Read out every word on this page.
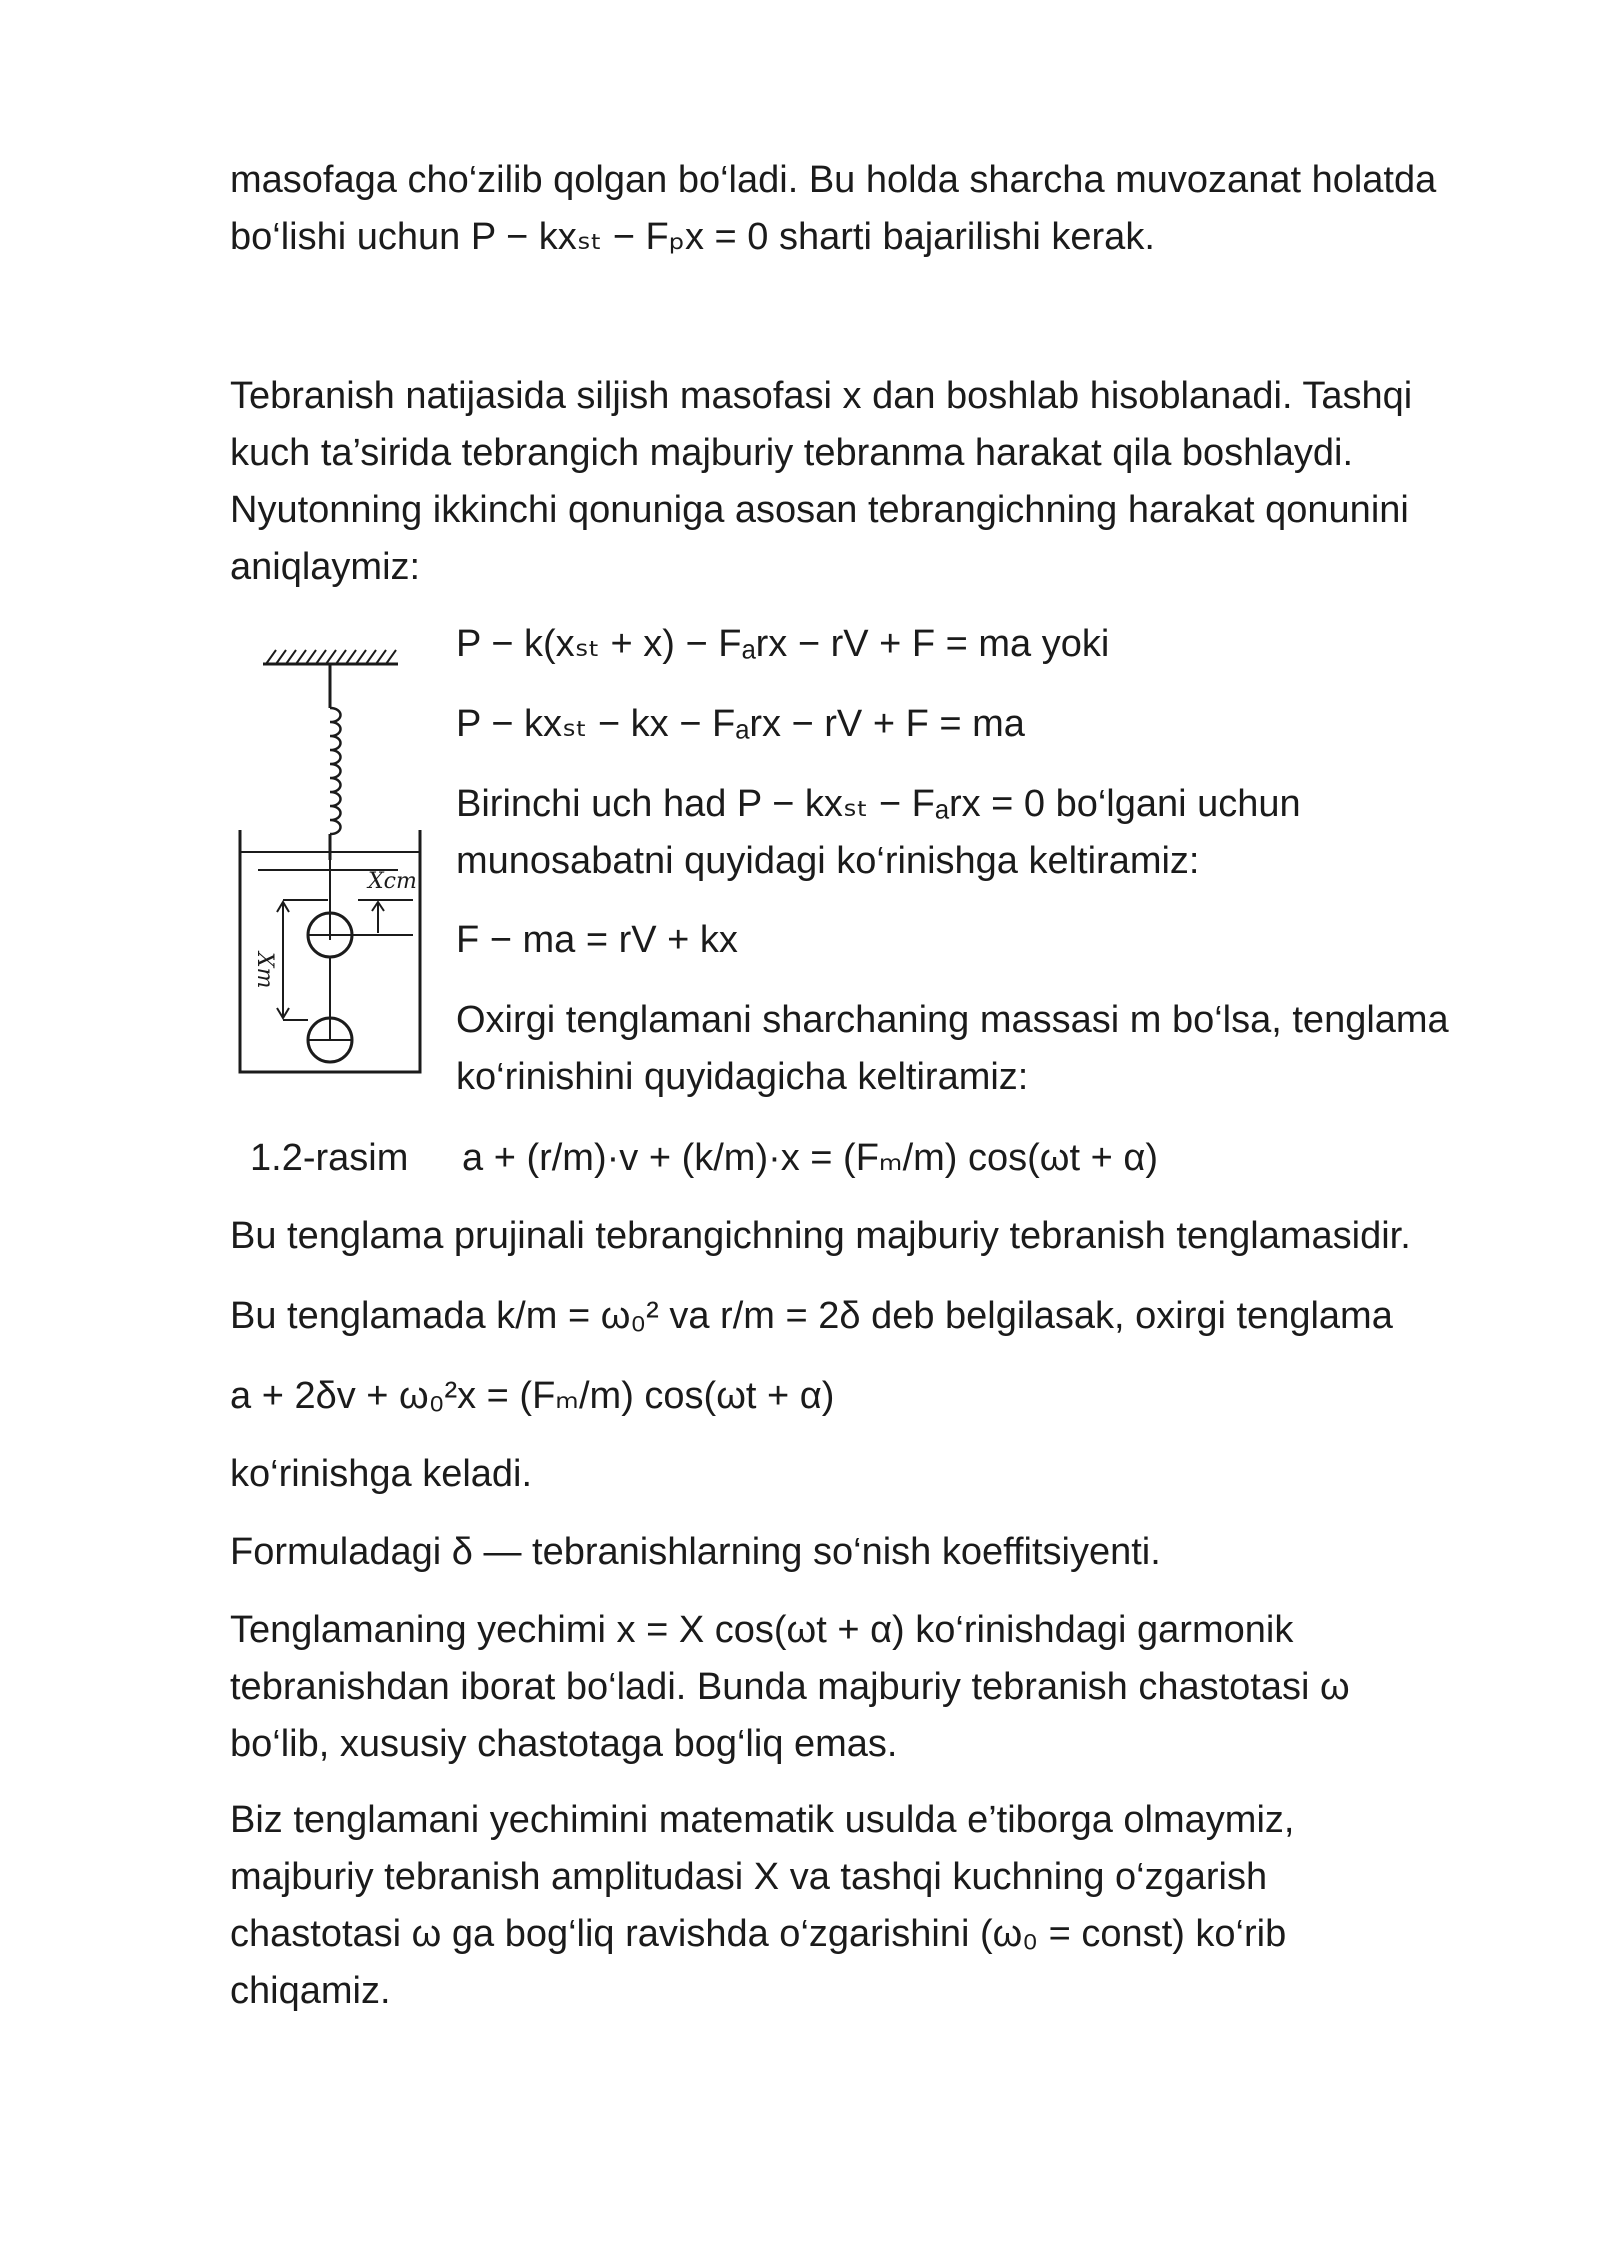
masofaga cho‘zilib qolgan bo‘ladi. Bu holda sharcha muvozanat holatda
bo‘lishi uchun P − kxₛₜ − Fₚx = 0 sharti bajarilishi kerak.
Tebranish natijasida siljish masofasi x dan boshlab hisoblanadi. Tashqi
kuch ta’sirida tebrangich majburiy tebranma harakat qila boshlaydi.
Nyutonning ikkinchi qonuniga asosan tebrangichning harakat qonunini
aniqlaymiz:
Xcm
Xm
P − k(xₛₜ + x) − Fₐrx − rV + F = ma yoki
P − kxₛₜ − kx − Fₐrx − rV + F = ma
Birinchi uch had P − kxₛₜ − Fₐrx = 0 bo‘lgani uchun
munosabatni quyidagi ko‘rinishga keltiramiz:
F − ma = rV + kx
Oxirgi tenglamani sharchaning massasi m bo‘lsa, tenglama
ko‘rinishini quyidagicha keltiramiz:
1.2-rasim a + (r/m)·v + (k/m)·x = (Fₘ/m) cos(ωt + α)
Bu tenglama prujinali tebrangichning majburiy tebranish tenglamasidir.
Bu tenglamada k/m = ω₀² va r/m = 2δ deb belgilasak, oxirgi tenglama
a + 2δv + ω₀²x = (Fₘ/m) cos(ωt + α)
ko‘rinishga keladi.
Formuladagi δ — tebranishlarning so‘nish koeffitsiyenti.
Tenglamaning yechimi x = X cos(ωt + α) ko‘rinishdagi garmonik
tebranishdan iborat bo‘ladi. Bunda majburiy tebranish chastotasi ω
bo‘lib, xususiy chastotaga bog‘liq emas.
Biz tenglamani yechimini matematik usulda e’tiborga olmaymiz,
majburiy tebranish amplitudasi X va tashqi kuchning o‘zgarish
chastotasi ω ga bog‘liq ravishda o‘zgarishini (ω₀ = const) ko‘rib
chiqamiz.
